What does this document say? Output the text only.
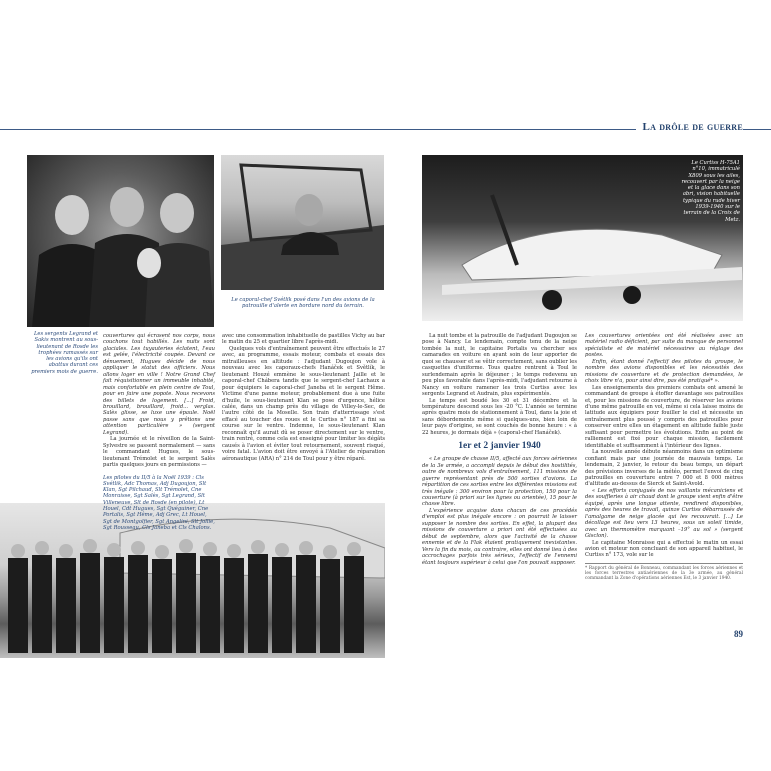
La drôle de guerre
Le caporal-chef Svétlik posé dans l'un des avions de la patrouille d'alerte en bordure nord du terrain.
Le Curtiss H-75A1 n°10, immatriculé X809 sous les ailes, recouvert par la neige et la glace dans son abri, vision habituelle typique du rude hiver 1939-1940 sur le terrain de la Croix de Metz.
Les sergents Legrand et Sakis montrent au sous-lieutenant de Rosde les trophées ramassés sur les avions qu'ils ont abattus durant ces premiers mois de guerre.

couvertures qui écrasent nos corps, nous couchons tout habillés. Les nuits sont glaciales. Les tuyauteries éclatent, l'eau est gelée, l'électricité coupée. Devant ce dénuement, Hugues décide de nous appliquer le statut des officiers. Nous allons loger en ville ! Notre Grand Chef fait réquisitionner un immeuble inhabité, mais confortable en plein centre de Toul, pour en faire une popote. Nous recevons des billets de logement. [...] Froid, brouillard, brouillard, froid... verglas. Salès glisse, se luxe une épaule. Noël passe sans que nous y prêtions une attention particulière » (sergent Legrand).

La journée et le réveillon de la Saint-Sylvestre se passent normalement — sans le commandant Hugues, le sous-lieutenant Trémolet et le sergent Salès partis quelques jours en permissions —

Les pilotes du II/5 à la Noël 1939 : Cls Svétlik, Adc Thomas, Adj Dugoujon, Slt Klan, Sgt Pilchaud, Slt Trémolet, Cne Monraisse, Sgt Salès, Sgt Legrand, Slt Villeneuve, Slt de Rosde (en pilote), Lt Houel, Cdt Hugues, Sgt Quéguiner, Cne Portalis, Sgt Hême, Adj Grec, Lt Houel, Sgt de Montgolfier, Sgt Angelini, Slt Jollie, Sgt Rousseau, Cls Janeba et Cls Chalons.

avec une consommation inhabituelle de pastilles Vichy au bar le matin du 25 et quartier libre l'après-midi.

Quelques vols d'entraînement peuvent être effectués le 27 avec, au programme, essais moteur, combats et essais des mitrailleuses en altitude : l'adjudant Dugoujon vole à nouveau avec les caporaux-chefs Hanáček et Světlík, le lieutenant Houzé emmène le sous-lieutenant Jaille et le caporal-chef Chábera tandis que le sergent-chef Lachaux a pour équipiers le caporal-chef Janeba et le sergent Hême. Victime d'une panne moteur, probablement due à une fuite d'huile, le sous-lieutenant Klan se pose d'urgence, hélice calée, dans un champ près du village de Villey-le-Sec, de l'autre côté de la Moselle. Son train d'atterrissage s'est effacé au toucher des roues et le Curtiss n° 187 a fini sa course sur le ventre. Indemne, le sous-lieutenant Klan reconnaît qu'il aurait dû se poser directement sur le ventre, train rentré, comme cela est enseigné pour limiter les dégâts causés à l'avion et éviter tout retournement, souvent risqué, voire fatal. L'avion doit être envoyé à l'Atelier de réparation aéronautique (ARA) n° 214 de Toul pour y être réparé.

La nuit tombe et la patrouille de l'adjudant Dugoujon se pose à Nancy. Le lendemain, compte tenu de la neige tombée la nuit, le capitaine Portalis va chercher ses camarades en voiture en ayant soin de leur apporter de quoi se chausser et se vêtir correctement, sans oublier les casquettes d'uniforme. Tous quatre rentrent à Toul le surlendemain après le déjeuner ; le temps redevenu un peu plus favorable dans l'après-midi, l'adjudant retourne à Nancy en voiture ramener les trois Curtiss avec les sergents Legrand et Audrain, plus expérimentés.

Le temps est boudé les 30 et 31 décembre et la température descend sous les -20 °C. L'année se termine après quatre mois de stationnement à Toul, dans la joie et sans débordements même si quelques-uns, bien loin de leur pays d'origine, se sont couchés de bonne heure : « à 22 heures, je dormais déjà » (caporal-chef Hanáček).

1er et 2 janvier 1940

« Le groupe de chasse II/5, affecté aux forces aériennes de la 3e armée, a accompli depuis le début des hostilités, outre de nombreux vols d'entraînement, 111 missions de guerre représentant près de 500 sorties d'avions. La répartition de ces sorties entre les différentes missions est très inégale : 300 environ pour la protection, 150 pour la couverture (à priori sur les lignes ou orientée), 15 pour le chasse libre.

L'expérience acquise dans chacun de ces procédés d'emploi est plus inégale encore : on pourrait le laisser supposer le nombre des sorties. En effet, la plupart des missions de couverture a priori ont été effectuées au début de septembre, alors que l'activité de la chasse ennemie et de la Flak étaient pratiquement inexistantes. Vers la fin du mois, au contraire, elles ont donné lieu à des accrochages parfois très sérieux, l'effectif de l'ennemi étant toujours supérieur à celui que l'on pouvait supposer.

Les couvertures orientées ont été réalisées avec un matériel radio déficient, par suite du manque de personnel spécialiste et de matériel nécessaires au réglage des postes.

Enfin, étant donné l'effectif des pilotes du groupe, le nombre des avions disponibles et les nécessités des missions de couverture et de protection demandées, le choix libre n'a, pour ainsi dire, pas été pratiqué* ».

Les enseignements des premiers combats ont amené le commandant de groupe à étoffer davantage ses patrouilles et, pour les missions de couverture, de réserver les avions d'une même patrouille en vol, même si cela laisse moins de latitude aux équipiers pour fouiller le ciel et nécessite un entraînement plus poussé y compris des patrouilles pour conserver entre elles un étagement en altitude faible juste suffisant pour permettre les évolutions. Enfin au point de ralliement est fixé pour chaque mission, facilement identifiable et suffisamment à l'intérieur des lignes.

La nouvelle année débute néanmoins dans un optimisme confiant mais par une journée de mauvais temps. Le lendemain, 2 janvier, le retour du beau temps, un départ des prévisions inverses de la météo, permet l'envoi de cinq patrouilles en couverture entre 7 000 et 8 000 mètres d'altitude au-dessus de Sierck et Saint-Avold.

« Les efforts conjugués de nos vaillants mécaniciens et des souffleries à air chaud dont le groupe vient enfin d'être équipé, après une longue attente, rendirent disponibles, après des heures de travail, quinze Curtiss débarrassés de l'amalgame de neige glacée qui les recouvrait. [...] Le décollage est lieu vers 13 heures, sous un soleil timide, avec un thermomètre marquant –19° au sol » (sergent Gisclon).

Le capitaine Monraisse qui a effectué le matin un essai avion et moteur non concluant de son appareil habituel, le Curtiss n° 173, vole sur le

* Rapport du général de Bonneau, commandant les forces aériennes et les forces terrestres antiaériennes de la 3e armée, au général commandant la Zone d'opérations aériennes Est, le 3 janvier 1940.
89
